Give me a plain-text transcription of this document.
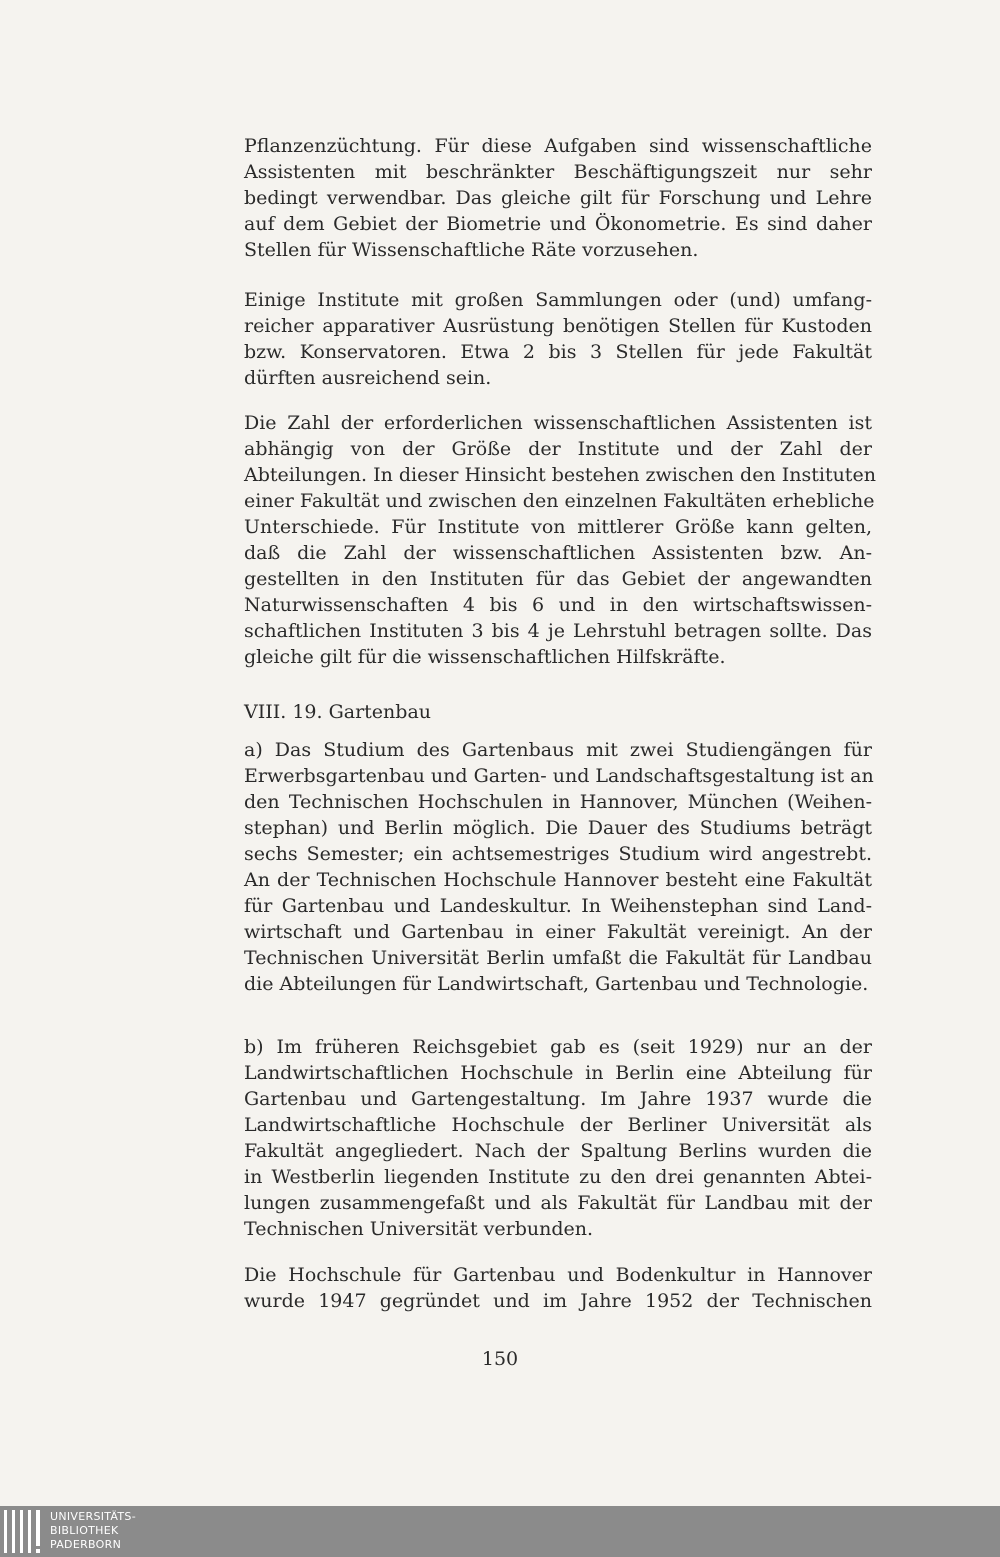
Pflanzenzüchtung. Für diese Aufgaben sind wissenschaftliche
Assistenten mit beschränkter Beschäftigungszeit nur sehr
bedingt verwendbar. Das gleiche gilt für Forschung und Lehre
auf dem Gebiet der Biometrie und Ökonometrie. Es sind daher
Stellen für Wissenschaftliche Räte vorzusehen.
Einige Institute mit großen Sammlungen oder (und) umfang-
reicher apparativer Ausrüstung benötigen Stellen für Kustoden
bzw. Konservatoren. Etwa 2 bis 3 Stellen für jede Fakultät
dürften ausreichend sein.
Die Zahl der erforderlichen wissenschaftlichen Assistenten ist
abhängig von der Größe der Institute und der Zahl der
Abteilungen. In dieser Hinsicht bestehen zwischen den Instituten
einer Fakultät und zwischen den einzelnen Fakultäten erhebliche
Unterschiede. Für Institute von mittlerer Größe kann gelten,
daß die Zahl der wissenschaftlichen Assistenten bzw. An-
gestellten in den Instituten für das Gebiet der angewandten
Naturwissenschaften 4 bis 6 und in den wirtschaftswissen-
schaftlichen Instituten 3 bis 4 je Lehrstuhl betragen sollte. Das
gleiche gilt für die wissenschaftlichen Hilfskräfte.
VIII. 19. Gartenbau
a) Das Studium des Gartenbaus mit zwei Studiengängen für
Erwerbsgartenbau und Garten- und Landschaftsgestaltung ist an
den Technischen Hochschulen in Hannover, München (Weihen-
stephan) und Berlin möglich. Die Dauer des Studiums beträgt
sechs Semester; ein achtsemestriges Studium wird angestrebt.
An der Technischen Hochschule Hannover besteht eine Fakultät
für Gartenbau und Landeskultur. In Weihenstephan sind Land-
wirtschaft und Gartenbau in einer Fakultät vereinigt. An der
Technischen Universität Berlin umfaßt die Fakultät für Landbau
die Abteilungen für Landwirtschaft, Gartenbau und Technologie.
b) Im früheren Reichsgebiet gab es (seit 1929) nur an der
Landwirtschaftlichen Hochschule in Berlin eine Abteilung für
Gartenbau und Gartengestaltung. Im Jahre 1937 wurde die
Landwirtschaftliche Hochschule der Berliner Universität als
Fakultät angegliedert. Nach der Spaltung Berlins wurden die
in Westberlin liegenden Institute zu den drei genannten Abtei-
lungen zusammengefaßt und als Fakultät für Landbau mit der
Technischen Universität verbunden.
Die Hochschule für Gartenbau und Bodenkultur in Hannover
wurde 1947 gegründet und im Jahre 1952 der Technischen
150
UNIVERSITÄTS-
BIBLIOTHEK
PADERBORN
